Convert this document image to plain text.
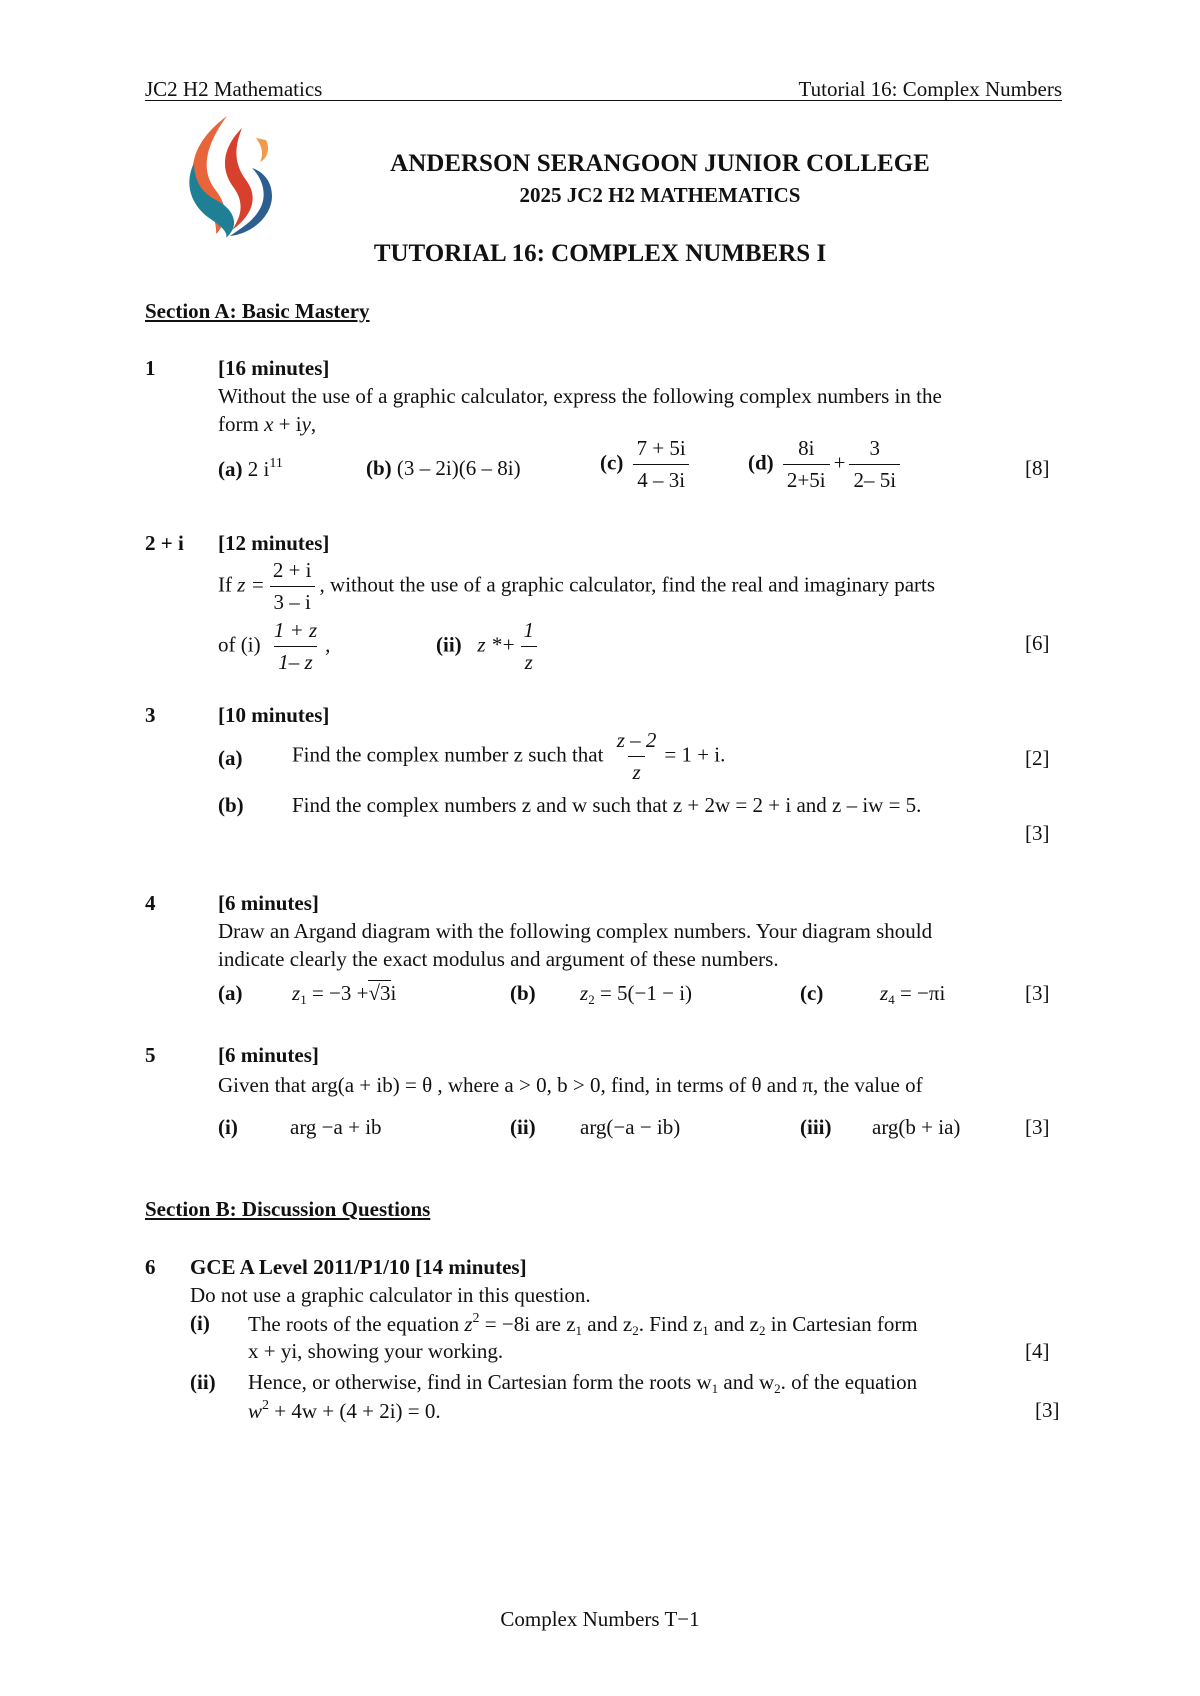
JC2 H2 Mathematics	Tutorial 16: Complex Numbers
ANDERSON SERANGOON JUNIOR COLLEGE
2025 JC2 H2 MATHEMATICS
TUTORIAL 16: COMPLEX NUMBERS I
Section A: Basic Mastery
1	[16 minutes]
Without the use of a graphic calculator, express the following complex numbers in the
form x + iy,
(a) 2 $i^{11}$	(b) (3 – 2i)(6 – 8i)	$(c) \frac{7 + 5i}{4 - 3i}$	$(d) \frac{8i}{2+5i} + \frac{3}{2- 5i}$	[8]
2 + i [12 minutes]
If $z = \frac{2 + i}{3 - i}$ , without the use of a graphic calculator, find the real and imaginary parts
of $(i) \frac{1 + z}{1- z}$ ,	(ii) $z *+ \frac{1}{z}$	[6]
3	[10 minutes]
(a) Find the complex number z such that $\frac{z - 2}{z} = 1 + i$.	[2]
(b) Find the complex numbers z and w such that z + 2w = 2 + i and z – iw = 5.
[3]
4	[6 minutes]
Draw an Argand diagram with the following complex numbers. Your diagram should
indicate clearly the exact modulus and argument of these numbers.
(a) $z_1 = -3 +√3i$	(b) $z_2 = 5(-1 - i)$	(c)	$z_4 = -\pi i$	[3]
5	[6 minutes]
Given that arg(a + ib) = θ , where a > 0, b > 0, find, in terms of θ and π, the value of
(i) arg −a + ib	(ii) arg(−a − ib)	(iii) arg(b + ia)	[3]
Section B: Discussion Questions
6 GCE A Level 2011/P1/10 [14 minutes]
Do not use a graphic calculator in this question.
(i) The roots of the equation $z^2 = -8i$ are $z_1$ and $z_2$. Find $z_1$ and $z_2$ in Cartesian form
x + yi, showing your working.	[4]
(ii) Hence, or otherwise, find in Cartesian form the roots $w_1$ and $w_2$. of the equation
$w^2 + 4w + (4 + 2i) = 0$.	[3]
Complex Numbers T−1
